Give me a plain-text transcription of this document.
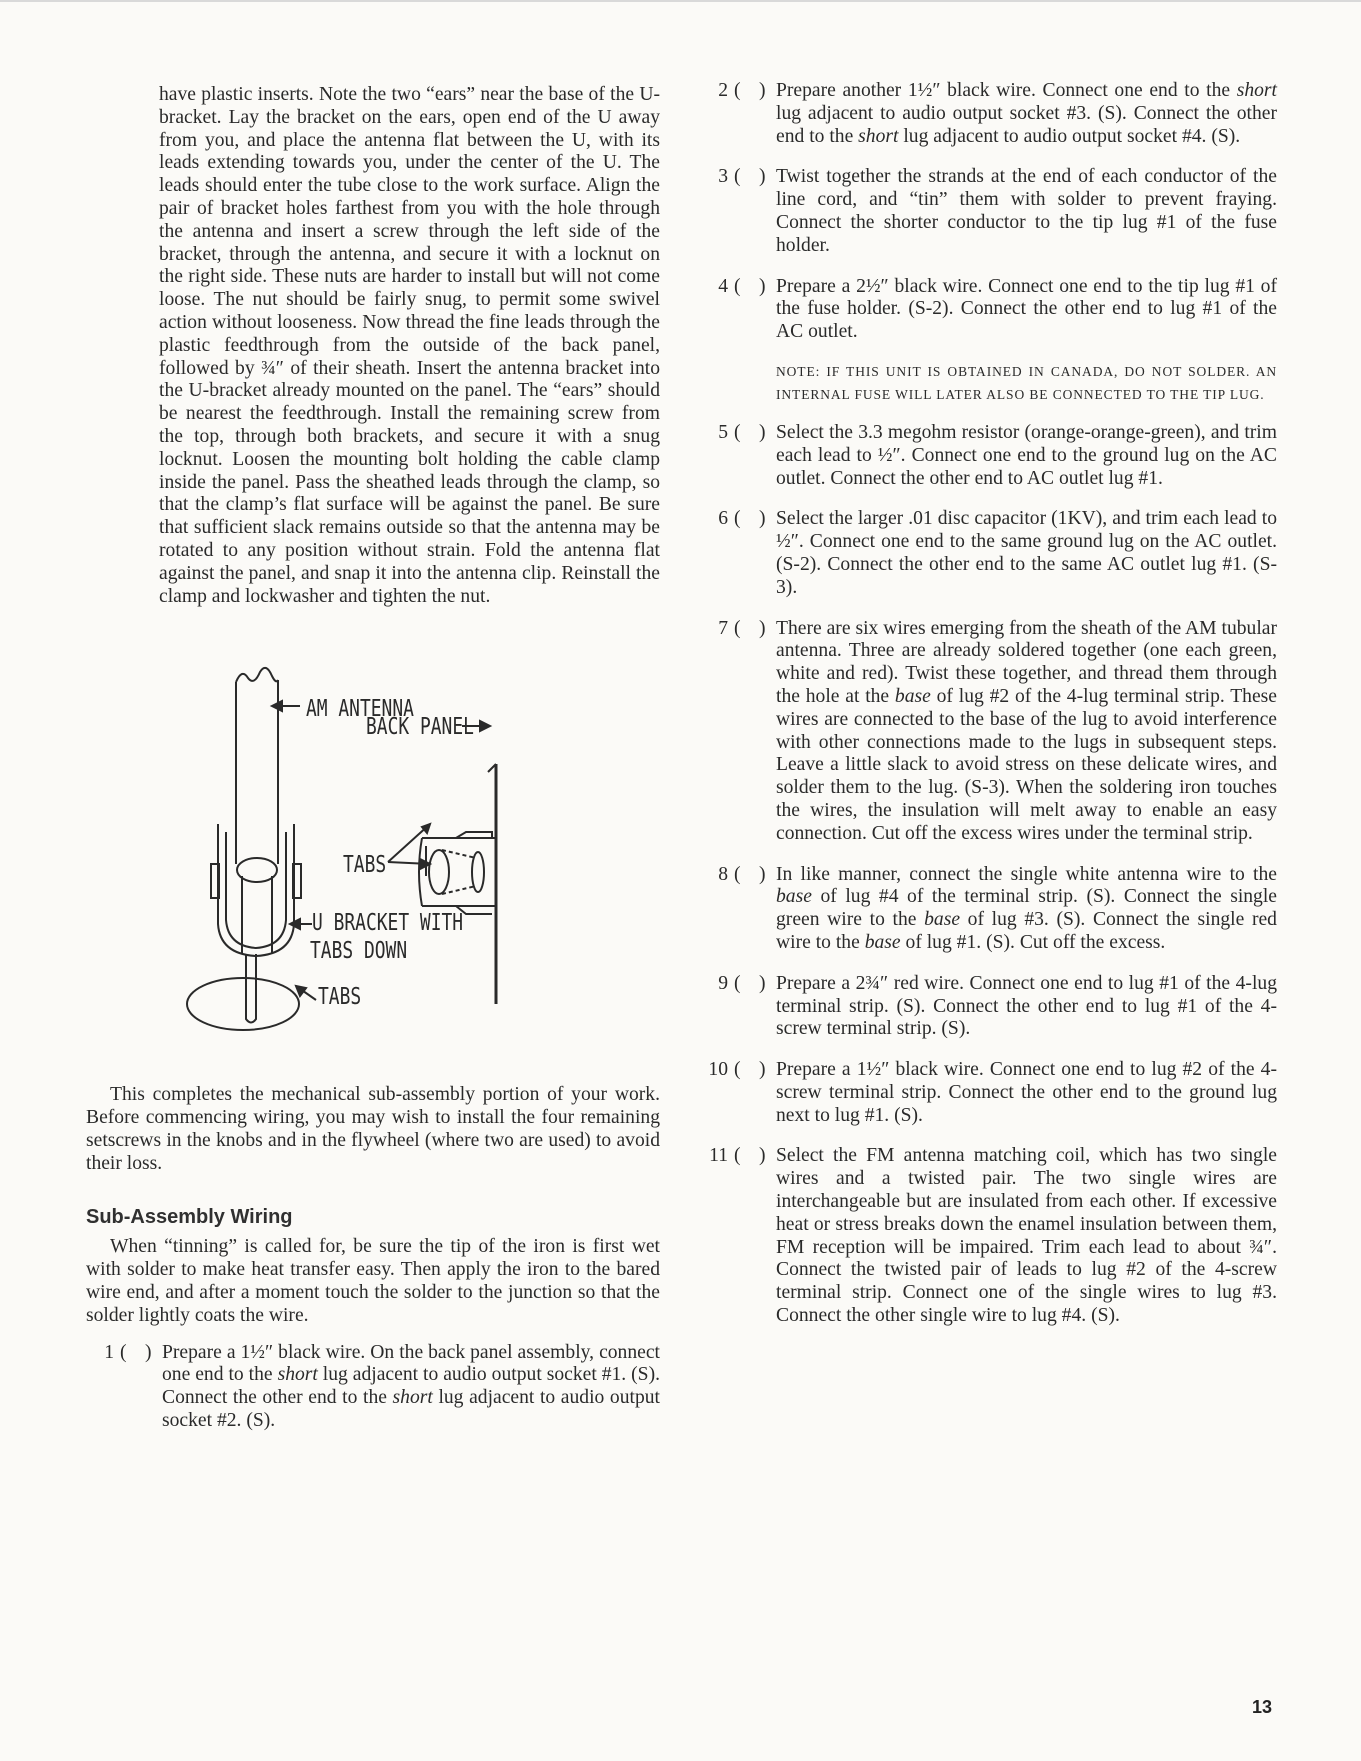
have plastic inserts. Note the two “ears” near the base of the U-bracket. Lay the bracket on the ears, open end of the U away from you, and place the antenna flat between the U, with its leads extending towards you, under the center of the U. The leads should enter the tube close to the work surface. Align the pair of bracket holes farthest from you with the hole through the antenna and insert a screw through the left side of the bracket, through the antenna, and secure it with a locknut on the right side. These nuts are harder to install but will not come loose. The nut should be fairly snug, to permit some swivel action without looseness. Now thread the fine leads through the plastic feedthrough from the outside of the back panel, followed by ¾″ of their sheath. Insert the antenna bracket into the U-bracket already mounted on the panel. The “ears” should be nearest the feedthrough. Install the remaining screw from the top, through both brackets, and secure it with a snug locknut. Loosen the mounting bolt holding the cable clamp inside the panel. Pass the sheathed leads through the clamp, so that the clamp’s flat surface will be against the panel. Be sure that sufficient slack remains outside so that the antenna may be rotated to any position without strain. Fold the antenna flat against the panel, and snap it into the antenna clip. Reinstall the clamp and lockwasher and tighten the nut.

AM ANTENNA
BACK PANEL
TABS
U BRACKET WITH
TABS DOWN
TABS

This completes the mechanical sub-assembly portion of your work. Before commencing wiring, you may wish to install the four remaining setscrews in the knobs and in the flywheel (where two are used) to avoid their loss.

Sub-Assembly Wiring

When “tinning” is called for, be sure the tip of the iron is first wet with solder to make heat transfer easy. Then apply the iron to the bared wire end, and after a moment touch the solder to the junction so that the solder lightly coats the wire.

1 ( ) Prepare a 1½″ black wire. On the back panel assembly, connect one end to the short lug adjacent to audio output socket #1. (S). Connect the other end to the short lug adjacent to audio output socket #2. (S).
2 ( ) Prepare another 1½″ black wire. Connect one end to the short lug adjacent to audio output socket #3. (S). Connect the other end to the short lug adjacent to audio output socket #4. (S).
3 ( ) Twist together the strands at the end of each conductor of the line cord, and “tin” them with solder to prevent fraying. Connect the shorter conductor to the tip lug #1 of the fuse holder.
4 ( ) Prepare a 2½″ black wire. Connect one end to the tip lug #1 of the fuse holder. (S-2). Connect the other end to lug #1 of the AC outlet.
NOTE: IF THIS UNIT IS OBTAINED IN CANADA, DO NOT SOLDER. AN INTERNAL FUSE WILL LATER ALSO BE CONNECTED TO THE TIP LUG.
5 ( ) Select the 3.3 megohm resistor (orange-orange-green), and trim each lead to ½″. Connect one end to the ground lug on the AC outlet. Connect the other end to AC outlet lug #1.
6 ( ) Select the larger .01 disc capacitor (1KV), and trim each lead to ½″. Connect one end to the same ground lug on the AC outlet. (S-2). Connect the other end to the same AC outlet lug #1. (S-3).
7 ( ) There are six wires emerging from the sheath of the AM tubular antenna. Three are already soldered together (one each green, white and red). Twist these together, and thread them through the hole at the base of lug #2 of the 4-lug terminal strip. These wires are connected to the base of the lug to avoid interference with other connections made to the lugs in subsequent steps. Leave a little slack to avoid stress on these delicate wires, and solder them to the lug. (S-3). When the soldering iron touches the wires, the insulation will melt away to enable an easy connection. Cut off the excess wires under the terminal strip.
8 ( ) In like manner, connect the single white antenna wire to the base of lug #4 of the terminal strip. (S). Connect the single green wire to the base of lug #3. (S). Connect the single red wire to the base of lug #1. (S). Cut off the excess.
9 ( ) Prepare a 2¾″ red wire. Connect one end to lug #1 of the 4-lug terminal strip. (S). Connect the other end to lug #1 of the 4-screw terminal strip. (S).
10 ( ) Prepare a 1½″ black wire. Connect one end to lug #2 of the 4-screw terminal strip. Connect the other end to the ground lug next to lug #1. (S).
11 ( ) Select the FM antenna matching coil, which has two single wires and a twisted pair. The two single wires are interchangeable but are insulated from each other. If excessive heat or stress breaks down the enamel insulation between them, FM reception will be impaired. Trim each lead to about ¾″. Connect the twisted pair of leads to lug #2 of the 4-screw terminal strip. Connect one of the single wires to lug #3. Connect the other single wire to lug #4. (S).
13
